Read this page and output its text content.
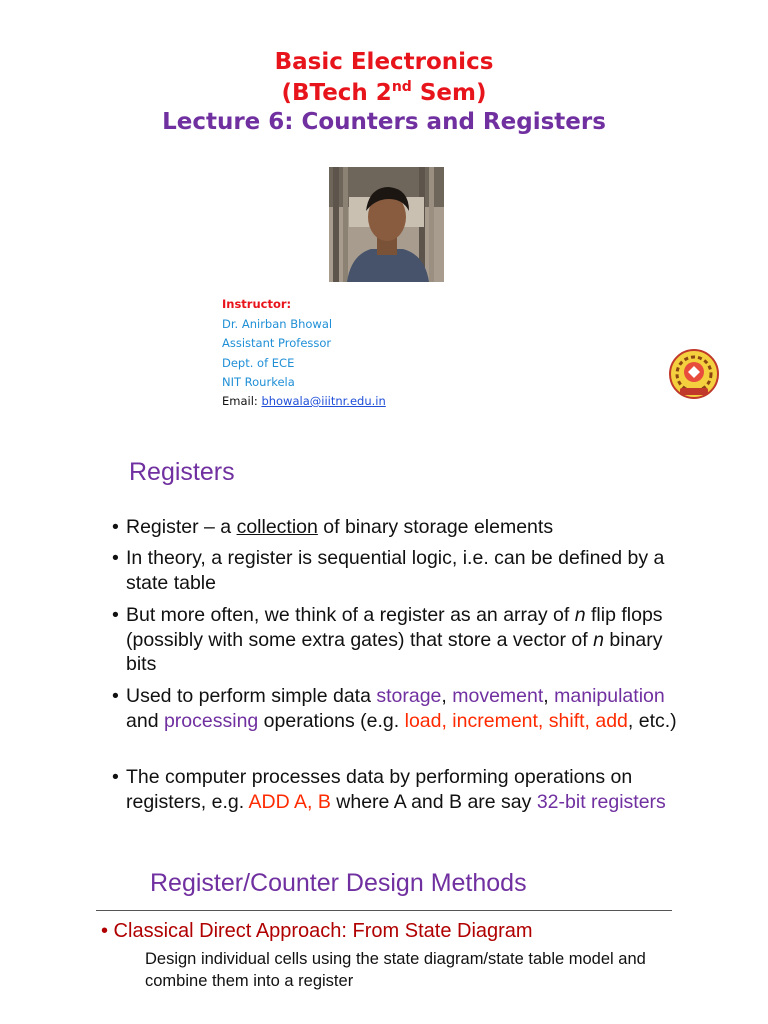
Basic Electronics
(BTech 2nd Sem)
Lecture 6: Counters and Registers
Instructor:
Dr. Anirban Bhowal
Assistant Professor
Dept. of ECE
NIT Rourkela
Email: bhowala@iiitnr.edu.in
Registers
• Register – a collection of binary storage elements
• In theory, a register is sequential logic, i.e. can be defined by a state table
• But more often, we think of a register as an array of n flip flops (possibly with some extra gates) that store a vector of n binary bits
• Used to perform simple data storage, movement, manipulation and processing operations (e.g. load, increment, shift, add, etc.)
• The computer processes data by performing operations on registers, e.g. ADD A, B where A and B are say 32-bit registers
Register/Counter Design Methods
• Classical Direct Approach: From State Diagram
Design individual cells using the state diagram/state table model and combine them into a register
